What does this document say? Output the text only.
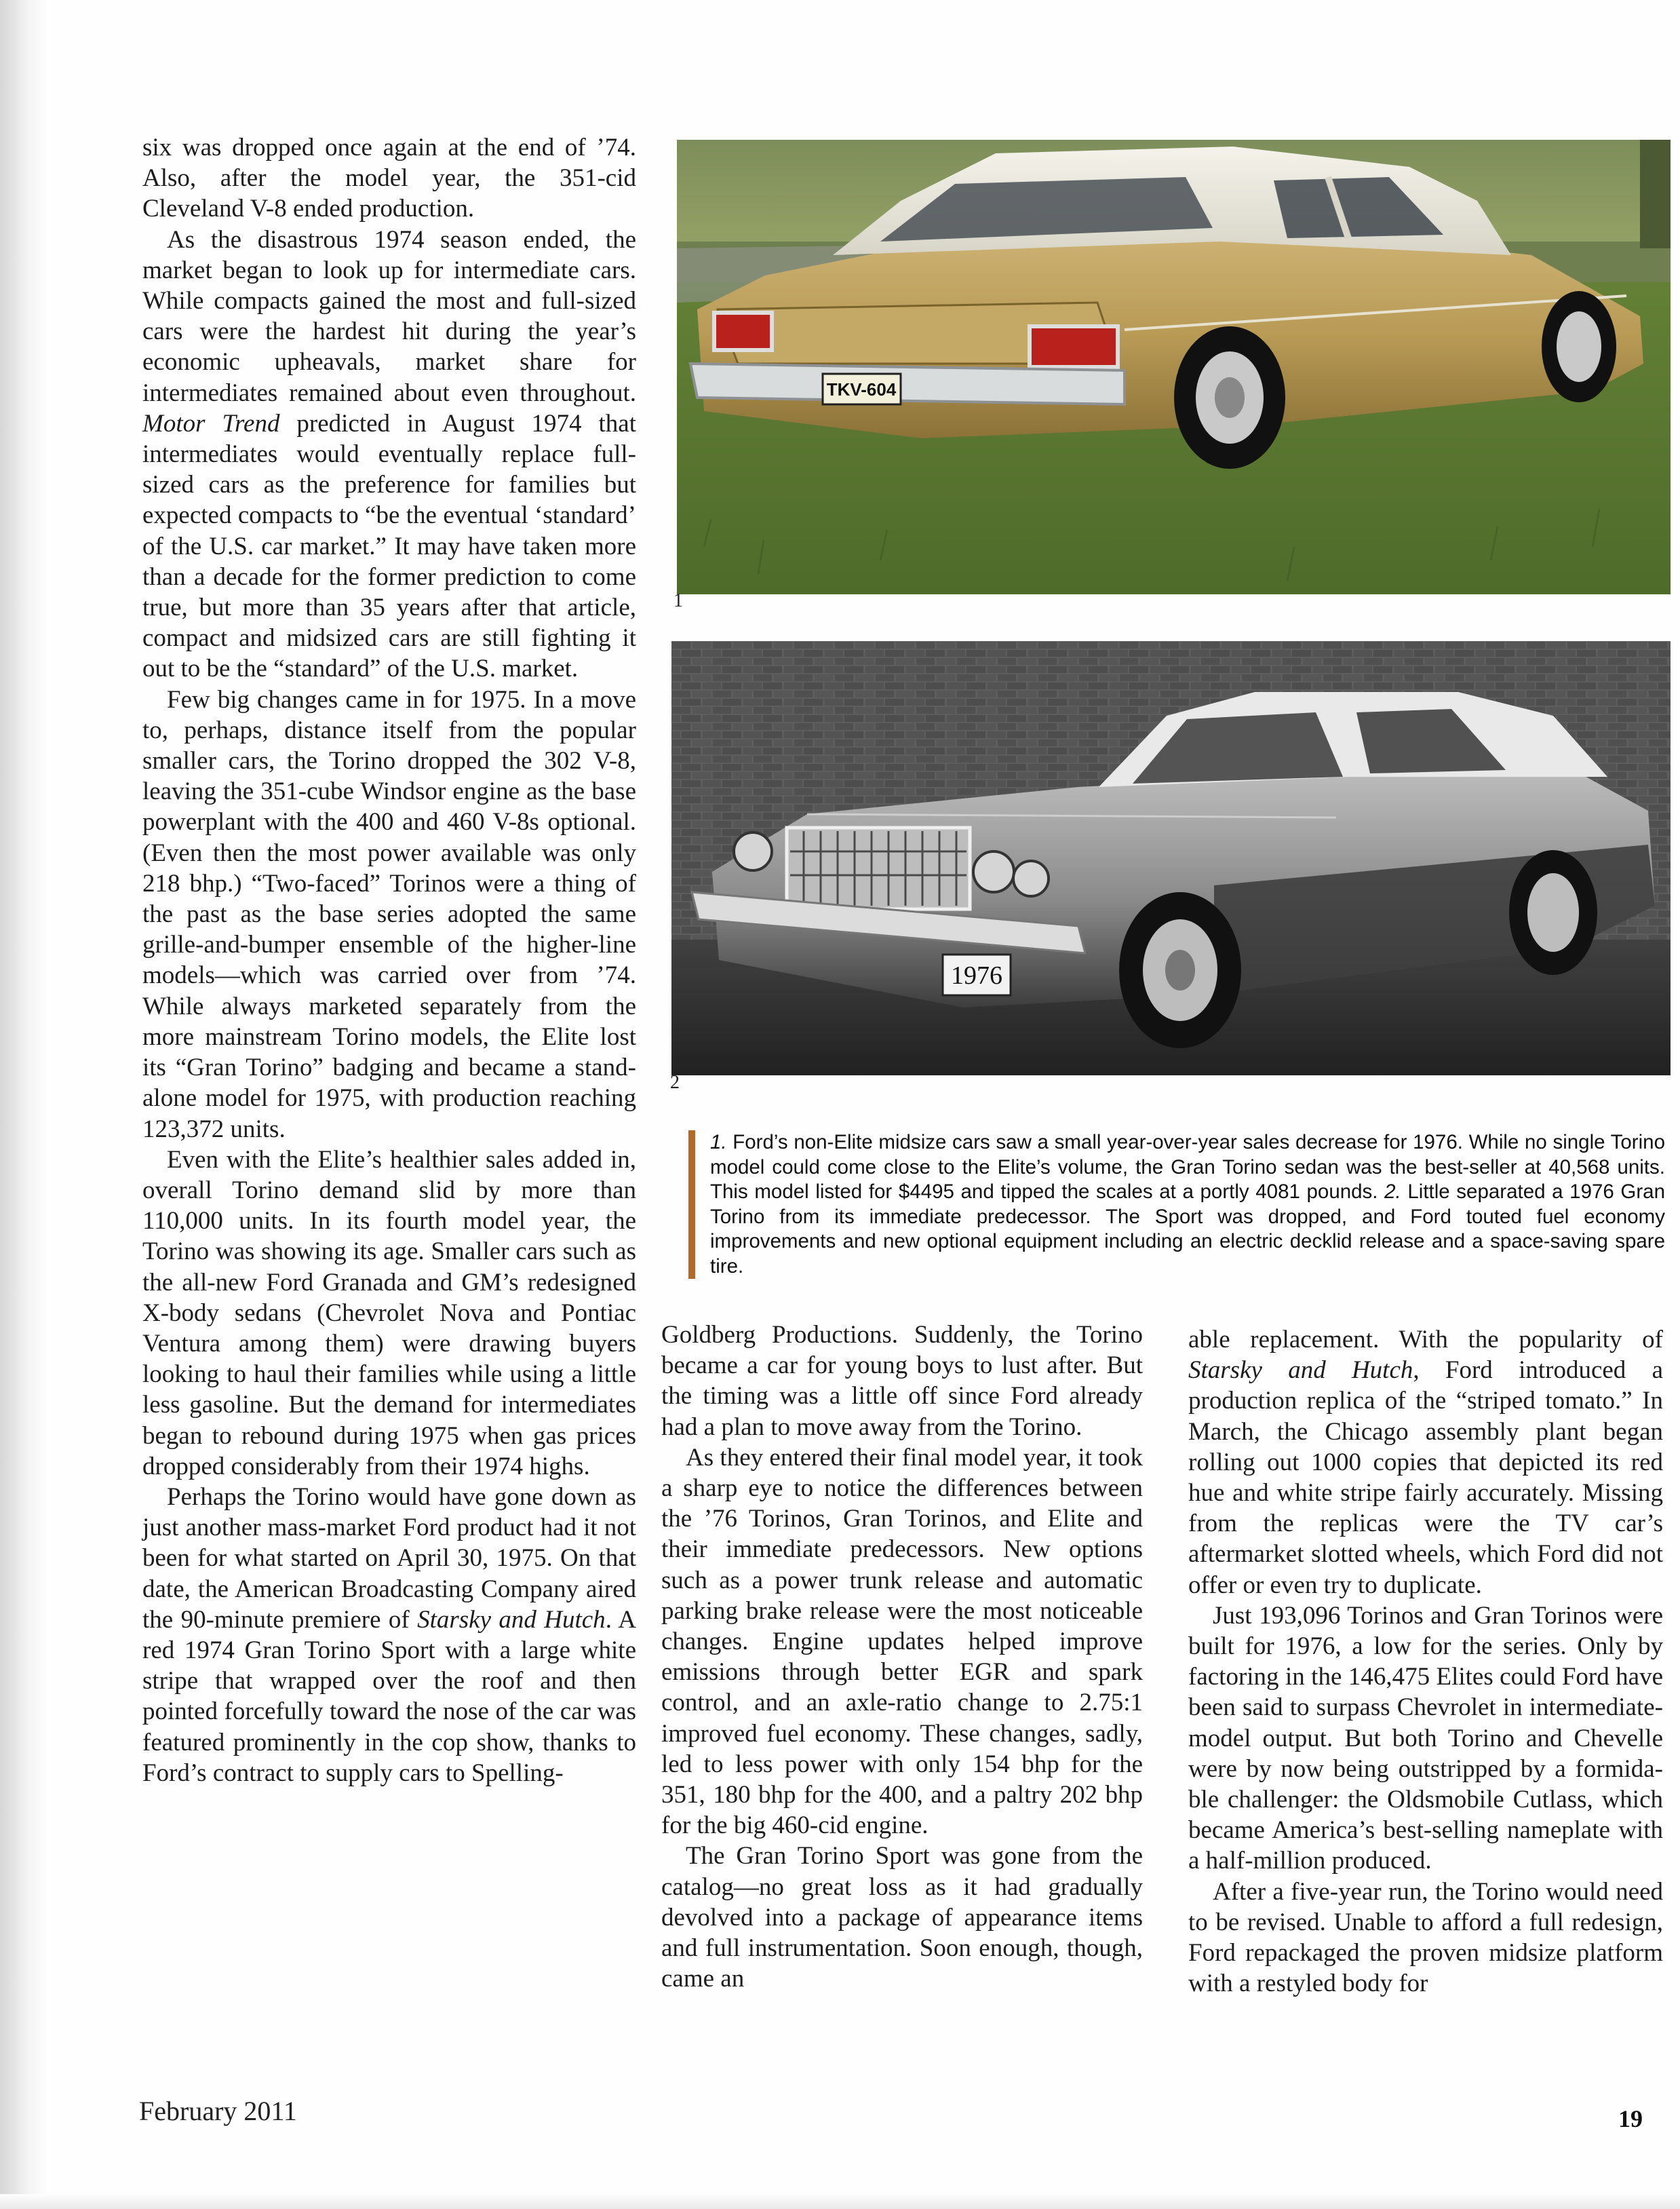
six was dropped once again at the end of ’74. Also, after the model year, the 351-cid Cleveland V-8 ended production.

As the disastrous 1974 season ended, the market began to look up for intermediate cars. While compacts gained the most and full-sized cars were the hardest hit during the year’s economic upheavals, market share for intermediates remained about even throughout. Motor Trend predicted in August 1974 that intermediates would eventually replace full-sized cars as the preference for families but expected compacts to “be the eventual ‘standard’ of the U.S. car market.” It may have taken more than a decade for the former prediction to come true, but more than 35 years after that article, compact and midsized cars are still fighting it out to be the “standard” of the U.S. market.

Few big changes came in for 1975. In a move to, perhaps, distance itself from the popular smaller cars, the Torino dropped the 302 V-8, leaving the 351-cube Windsor engine as the base powerplant with the 400 and 460 V-8s optional. (Even then the most power available was only 218 bhp.) “Two-faced” Torinos were a thing of the past as the base series adopted the same grille-and-bumper ensemble of the higher-line models—which was carried over from ’74. While always marketed separately from the more mainstream Torino models, the Elite lost its “Gran Torino” badging and became a standalone model for 1975, with production reaching 123,372 units.

Even with the Elite’s healthier sales added in, overall Torino demand slid by more than 110,000 units. In its fourth model year, the Torino was showing its age. Smaller cars such as the all-new Ford Granada and GM’s redesigned X-body sedans (Chevrolet Nova and Pontiac Ventura among them) were drawing buyers looking to haul their families while using a little less gasoline. But the demand for intermediates began to rebound during 1975 when gas prices dropped considerably from their 1974 highs.

Perhaps the Torino would have gone down as just another mass-market Ford product had it not been for what started on April 30, 1975. On that date, the American Broadcasting Company aired the 90-minute premiere of Starsky and Hutch. A red 1974 Gran Torino Sport with a large white stripe that wrapped over the roof and then pointed forcefully toward the nose of the car was featured prominently in the cop show, thanks to Ford’s contract to supply cars to Spelling-

TKV-604
1
1976
2
1. Ford’s non-Elite midsize cars saw a small year-over-year sales decrease for 1976. While no single Torino model could come close to the Elite’s volume, the Gran Torino sedan was the best-seller at 40,568 units. This model listed for $4495 and tipped the scales at a portly 4081 pounds. 2. Little separated a 1976 Gran Torino from its immediate predecessor. The Sport was dropped, and Ford touted fuel economy improvements and new optional equipment including an electric decklid release and a space-saving spare tire.

Goldberg Productions. Suddenly, the Torino became a car for young boys to lust after. But the timing was a little off since Ford already had a plan to move away from the Torino.

As they entered their final model year, it took a sharp eye to notice the differences between the ’76 Torinos, Gran Torinos, and Elite and their immediate predecessors. New options such as a power trunk release and automatic parking brake release were the most noticeable changes. Engine updates helped improve emissions through better EGR and spark control, and an axle-ratio change to 2.75:1 improved fuel economy. These changes, sadly, led to less power with only 154 bhp for the 351, 180 bhp for the 400, and a paltry 202 bhp for the big 460-cid engine.

The Gran Torino Sport was gone from the catalog—no great loss as it had gradually devolved into a package of appearance items and full instrumentation. Soon enough, though, came an

able replacement. With the popularity of Starsky and Hutch, Ford introduced a production replica of the “striped tomato.” In March, the Chicago assembly plant began rolling out 1000 copies that depicted its red hue and white stripe fairly accurately. Missing from the replicas were the TV car’s aftermarket slotted wheels, which Ford did not offer or even try to duplicate.

Just 193,096 Torinos and Gran Torinos were built for 1976, a low for the series. Only by factoring in the 146,475 Elites could Ford have been said to surpass Chevrolet in intermediate-model output. But both Torino and Chevelle were by now being outstripped by a formidable challenger: the Oldsmobile Cutlass, which became America’s best-selling nameplate with a half-million produced.

After a five-year run, the Torino would need to be revised. Unable to afford a full redesign, Ford repackaged the proven midsize platform with a restyled body for

February 2011	19
